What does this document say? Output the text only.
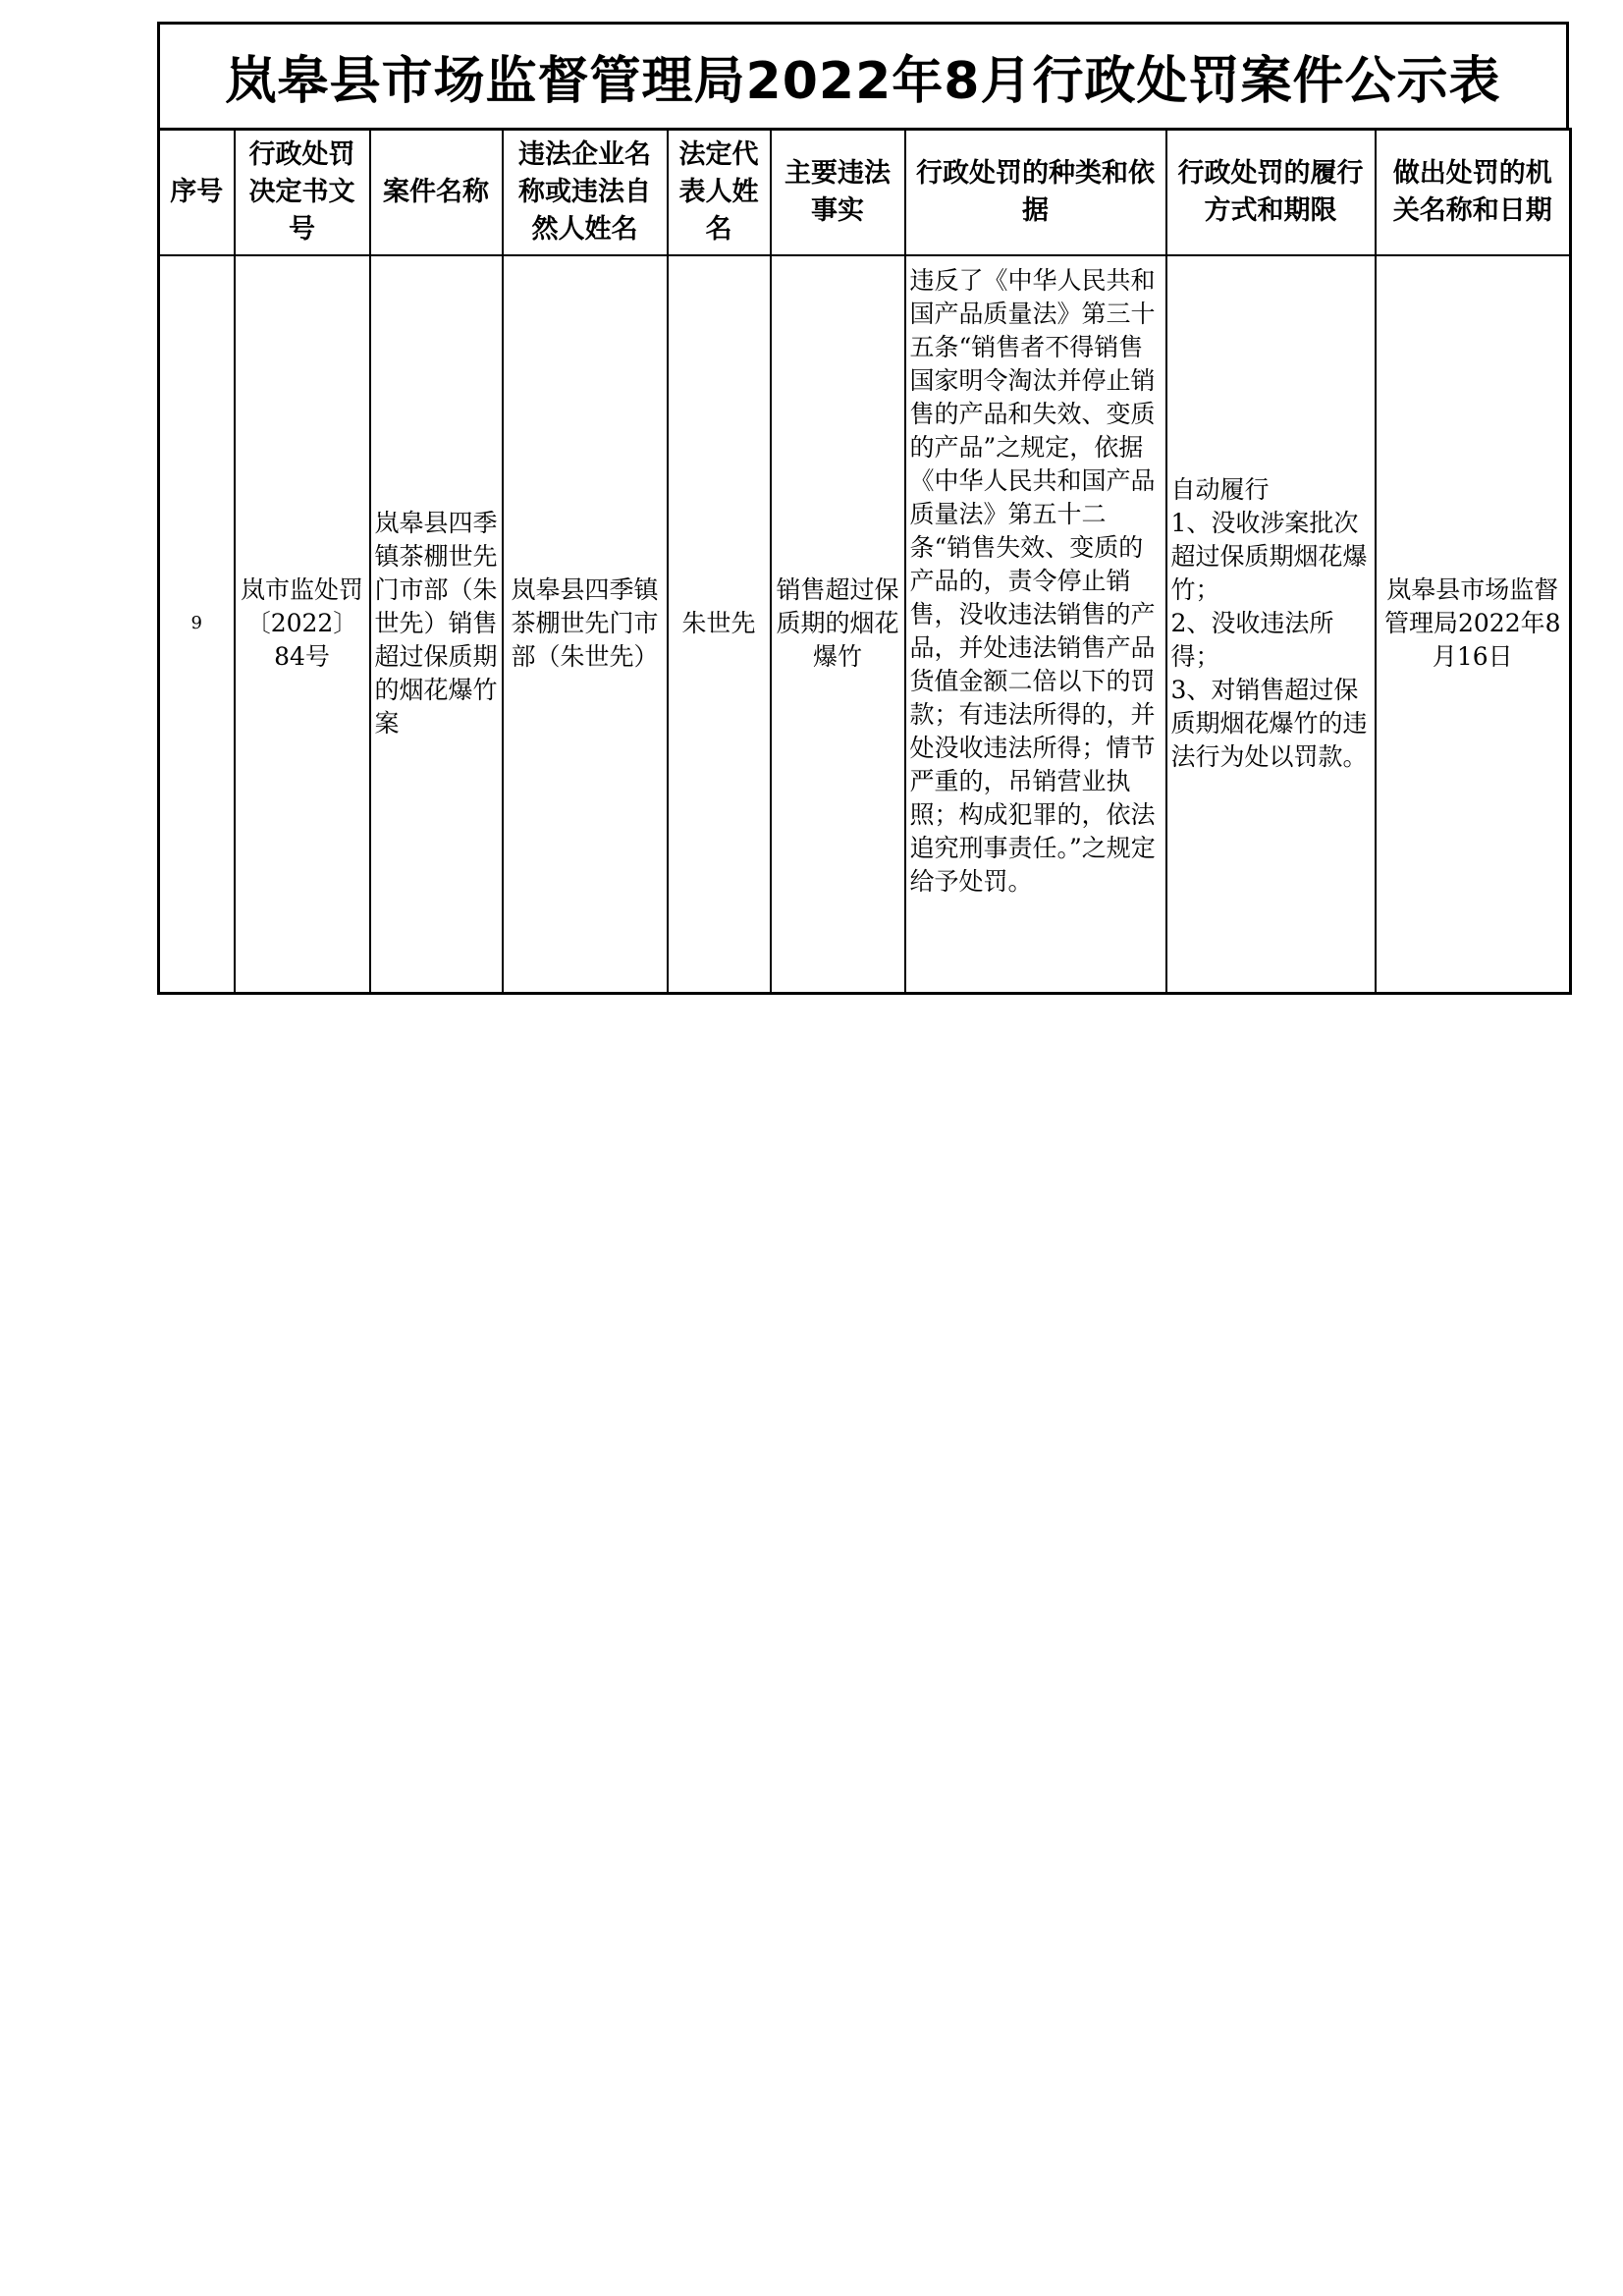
岚皋县市场监督管理局2022年8月行政处罚案件公示表
序号	行政处罚决定书文号	案件名称	违法企业名称或违法自然人姓名	法定代表人姓名	主要违法事实	行政处罚的种类和依据	行政处罚的履行方式和期限	做出处罚的机关名称和日期
9	岚市监处罚〔2022〕84号	岚皋县四季镇茶棚世先门市部（朱世先）销售超过保质期的烟花爆竹案	岚皋县四季镇茶棚世先门市部（朱世先）	朱世先	销售超过保质期的烟花爆竹	违反了《中华人民共和国产品质量法》第三十五条“销售者不得销售国家明令淘汰并停止销售的产品和失效、变质的产品”之规定，依据《中华人民共和国产品质量法》第五十二条“销售失效、变质的产品的，责令停止销售，没收违法销售的产品，并处违法销售产品货值金额二倍以下的罚款；有违法所得的，并处没收违法所得；情节严重的，吊销营业执照；构成犯罪的，依法追究刑事责任。”之规定给予处罚。	自动履行
1、没收涉案批次超过保质期烟花爆竹；
2、没收违法所得；
3、对销售超过保质期烟花爆竹的违法行为处以罚款。	岚皋县市场监督管理局2022年8月16日
